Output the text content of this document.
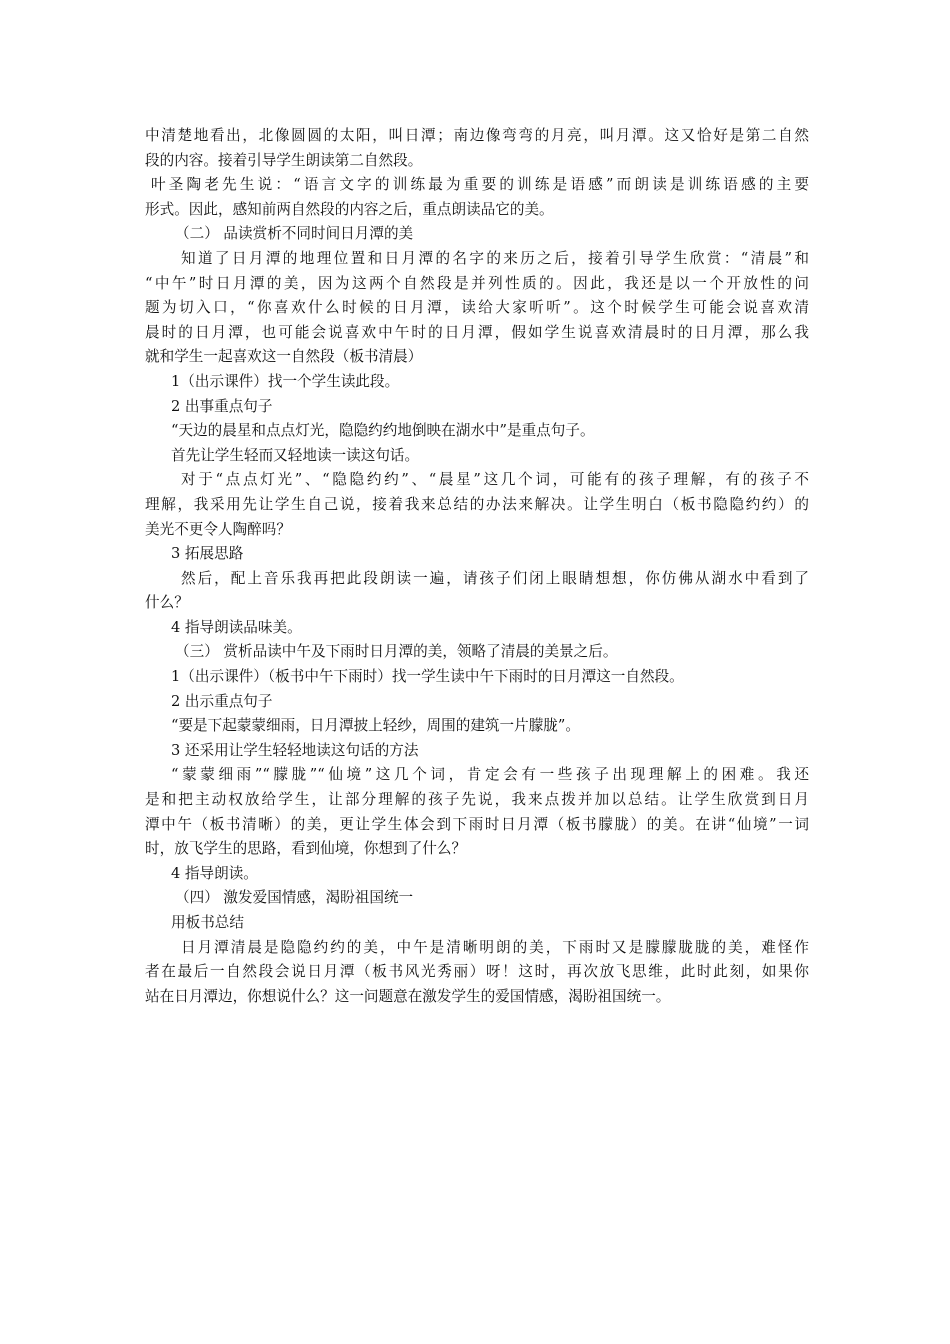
中清楚地看出，北像圆圆的太阳，叫日潭；南边像弯弯的月亮，叫月潭。这又恰好是第二自然
段的内容。接着引导学生朗读第二自然段。
叶圣陶老先生说：“语言文字的训练最为重要的训练是语感”而朗读是训练语感的主要
形式。因此，感知前两自然段的内容之后，重点朗读品它的美。
（二） 品读赏析不同时间日月潭的美
知道了日月潭的地理位置和日月潭的名字的来历之后，接着引导学生欣赏：“清晨”和
“中午”时日月潭的美，因为这两个自然段是并列性质的。因此，我还是以一个开放性的问
题为切入口，“你喜欢什么时候的日月潭，读给大家听听”。这个时候学生可能会说喜欢清
晨时的日月潭，也可能会说喜欢中午时的日月潭，假如学生说喜欢清晨时的日月潭，那么我
就和学生一起喜欢这一自然段（板书清晨）
1（出示课件）找一个学生读此段。
2 出事重点句子
“天边的晨星和点点灯光，隐隐约约地倒映在湖水中”是重点句子。
首先让学生轻而又轻地读一读这句话。
对于“点点灯光”、“隐隐约约”、“晨星”这几个词，可能有的孩子理解，有的孩子不
理解，我采用先让学生自己说，接着我来总结的办法来解决。让学生明白（板书隐隐约约）的
美光不更令人陶醉吗？
3 拓展思路
然后，配上音乐我再把此段朗读一遍，请孩子们闭上眼睛想想，你仿佛从湖水中看到了
什么？
4 指导朗读品味美。
（三） 赏析品读中午及下雨时日月潭的美，领略了清晨的美景之后。
1（出示课件）（板书中午下雨时）找一学生读中午下雨时的日月潭这一自然段。
2 出示重点句子
“要是下起蒙蒙细雨，日月潭披上轻纱，周围的建筑一片朦胧”。
3 还采用让学生轻轻地读这句话的方法
“蒙蒙细雨”“朦胧”“仙境”这几个词，肯定会有一些孩子出现理解上的困难。我还
是和把主动权放给学生，让部分理解的孩子先说，我来点拨并加以总结。让学生欣赏到日月
潭中午（板书清晰）的美，更让学生体会到下雨时日月潭（板书朦胧）的美。在讲“仙境”一词
时，放飞学生的思路，看到仙境，你想到了什么？
4 指导朗读。
（四） 激发爱国情感，渴盼祖国统一
用板书总结
日月潭清晨是隐隐约约的美，中午是清晰明朗的美，下雨时又是朦朦胧胧的美，难怪作
者在最后一自然段会说日月潭（板书风光秀丽）呀！这时，再次放飞思维，此时此刻，如果你
站在日月潭边，你想说什么？这一问题意在激发学生的爱国情感，渴盼祖国统一。
